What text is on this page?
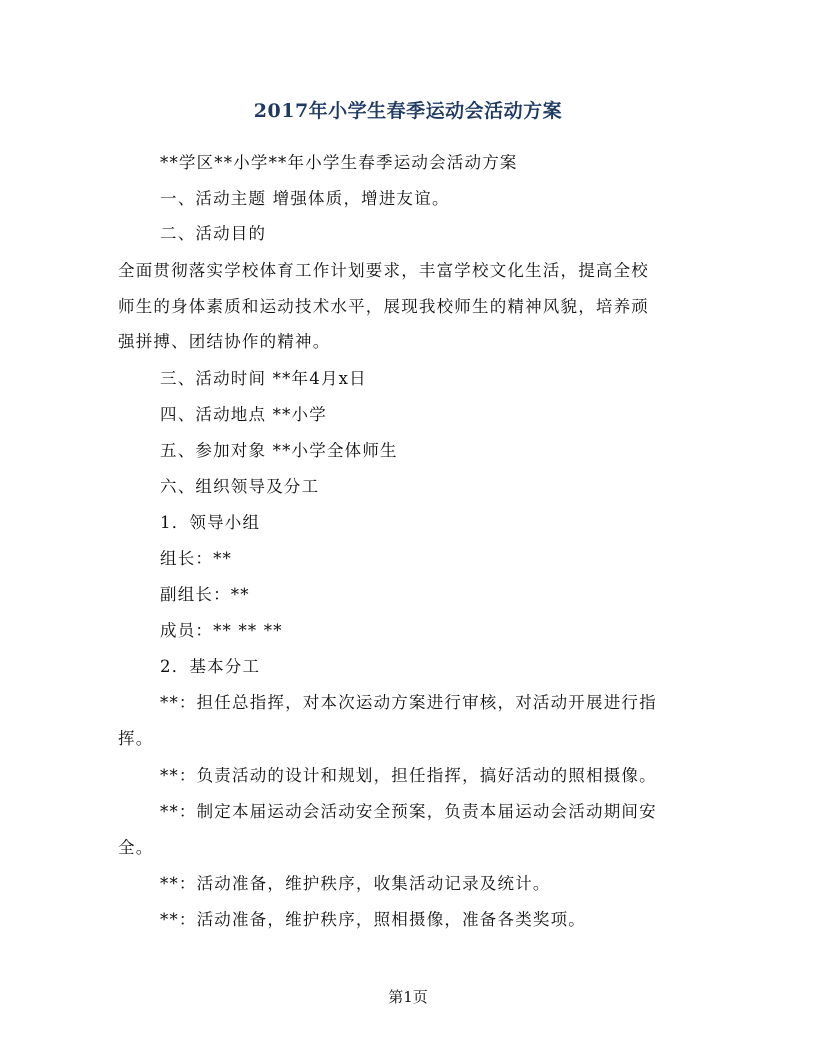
2017年小学生春季运动会活动方案
**学区**小学**年小学生春季运动会活动方案
一、活动主题 增强体质，增进友谊。
二、活动目的
全面贯彻落实学校体育工作计划要求，丰富学校文化生活，提高全校
师生的身体素质和运动技术水平，展现我校师生的精神风貌，培养顽
强拼搏、团结协作的精神。
三、活动时间 **年4月x日
四、活动地点 **小学
五、参加对象 **小学全体师生
六、组织领导及分工
1．领导小组
组长：**
副组长：**
成员：** ** **
2．基本分工
**：担任总指挥，对本次运动方案进行审核，对活动开展进行指
挥。
**：负责活动的设计和规划，担任指挥，搞好活动的照相摄像。
**：制定本届运动会活动安全预案，负责本届运动会活动期间安
全。
**：活动准备，维护秩序，收集活动记录及统计。
**：活动准备，维护秩序，照相摄像，准备各类奖项。
第1页
